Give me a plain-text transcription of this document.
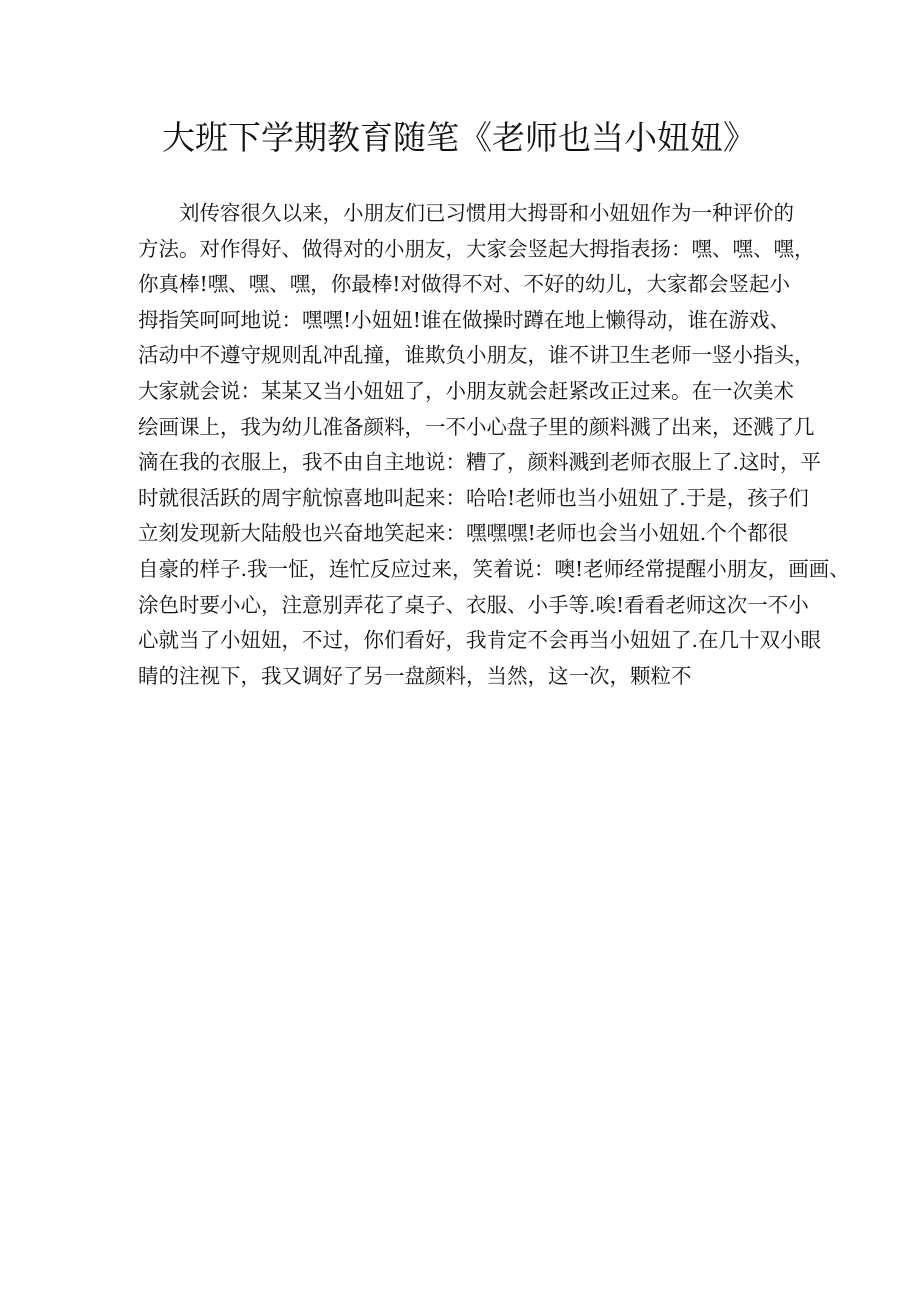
大班下学期教育随笔《老师也当小妞妞》
刘传容很久以来，小朋友们已习惯用大拇哥和小妞妞作为一种评价的
方法。对作得好、做得对的小朋友，大家会竖起大拇指表扬：嘿、嘿、嘿，
你真棒!嘿、嘿、嘿，你最棒!对做得不对、不好的幼儿，大家都会竖起小
拇指笑呵呵地说：嘿嘿!小妞妞!谁在做操时蹲在地上懒得动，谁在游戏、
活动中不遵守规则乱冲乱撞，谁欺负小朋友，谁不讲卫生老师一竖小指头，
大家就会说：某某又当小妞妞了，小朋友就会赶紧改正过来。在一次美术
绘画课上，我为幼儿准备颜料，一不小心盘子里的颜料溅了出来，还溅了几
滴在我的衣服上，我不由自主地说：糟了，颜料溅到老师衣服上了.这时，平
时就很活跃的周宇航惊喜地叫起来：哈哈!老师也当小妞妞了.于是，孩子们
立刻发现新大陆般也兴奋地笑起来：嘿嘿嘿!老师也会当小妞妞.个个都很
自豪的样子.我一怔，连忙反应过来，笑着说：噢!老师经常提醒小朋友，画画、
涂色时要小心，注意别弄花了桌子、衣服、小手等.唉!看看老师这次一不小
心就当了小妞妞，不过，你们看好，我肯定不会再当小妞妞了.在几十双小眼
睛的注视下，我又调好了另一盘颜料，当然，这一次，颗粒不
